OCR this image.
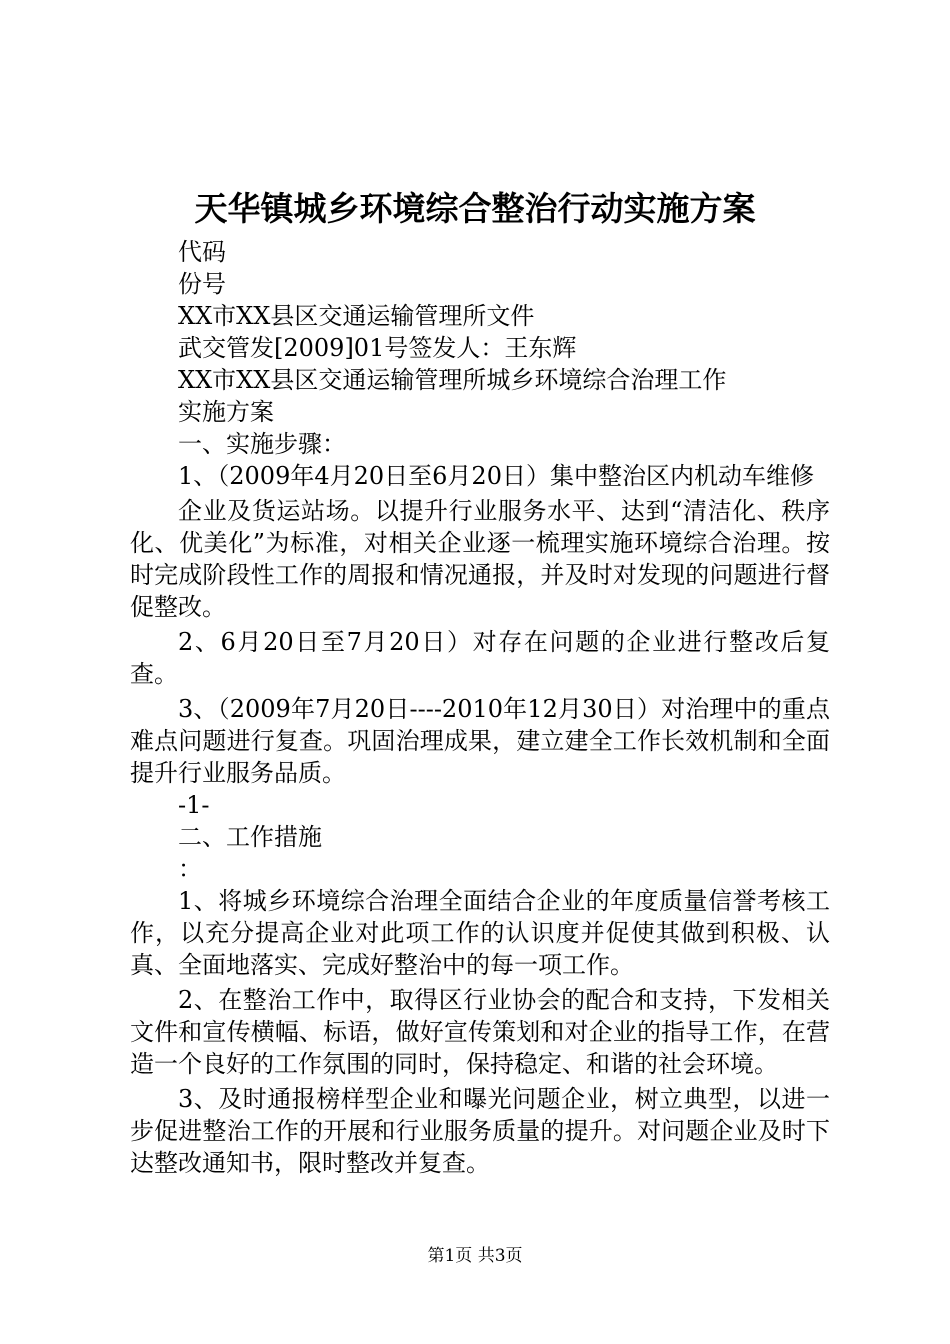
天华镇城乡环境综合整治行动实施方案
代码
份号
XX市XX县区交通运输管理所文件
武交管发[2009]01号签发人：王东辉
XX市XX县区交通运输管理所城乡环境综合治理工作
实施方案
一、实施步骤：

1、（2009年4月20日至6月20日）集中整治区内机动车维修

企业及货运站场。以提升行业服务水平、达到“清洁化、秩序化、优美化”为标准，对相关企业逐一梳理实施环境综合治理。按时完成阶段性工作的周报和情况通报，并及时对发现的问题进行督促整改。

2、6月20日至7月20日）对存在问题的企业进行整改后复查。

3、（2009年7月20日----2010年12月30日）对治理中的重点难点问题进行复查。巩固治理成果，建立建全工作长效机制和全面提升行业服务品质。

-1-
二、工作措施
：

1、将城乡环境综合治理全面结合企业的年度质量信誉考核工作，以充分提高企业对此项工作的认识度并促使其做到积极、认真、全面地落实、完成好整治中的每一项工作。

2、在整治工作中，取得区行业协会的配合和支持，下发相关文件和宣传横幅、标语，做好宣传策划和对企业的指导工作，在营造一个良好的工作氛围的同时，保持稳定、和谐的社会环境。

3、及时通报榜样型企业和曝光问题企业，树立典型，以进一步促进整治工作的开展和行业服务质量的提升。对问题企业及时下达整改通知书，限时整改并复查。

第1页 共3页
